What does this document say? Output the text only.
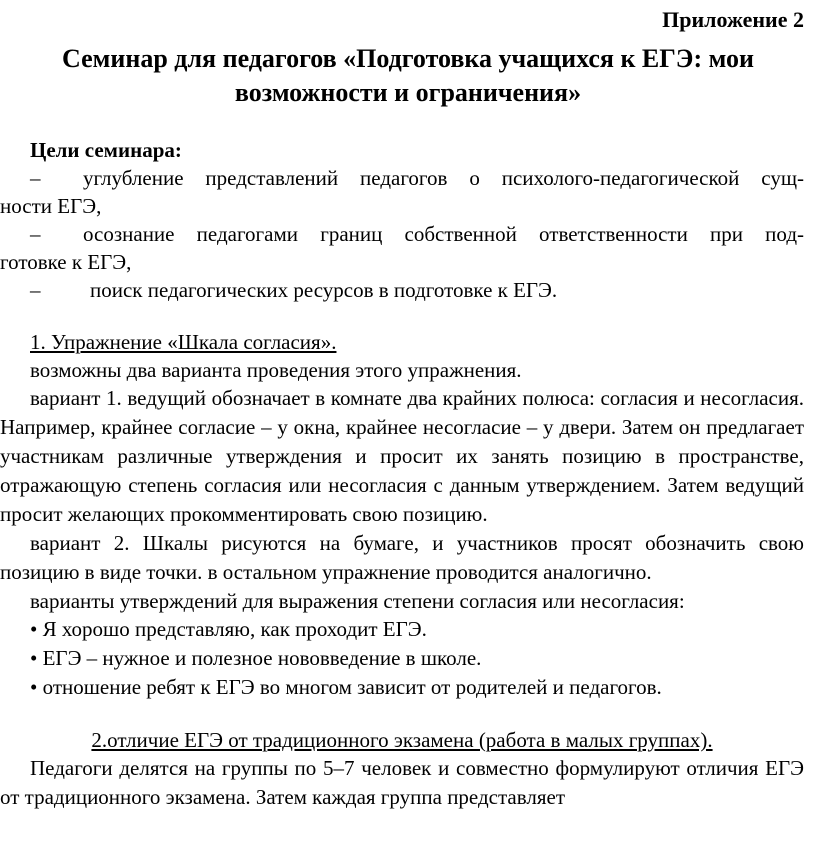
Приложение 2
Семинар для педагогов «Подготовка учащихся к ЕГЭ: мои
возможности и ограничения»

Цели семинара:

– углубление представлений педагогов о психолого-педагогической сущ-
ности ЕГЭ,
– осознание педагогами границ собственной ответственности при под-
готовке к ЕГЭ,
– поиск педагогических ресурсов в подготовке к ЕГЭ.

1. Упражнение «Шкала согласия».

возможны два варианта проведения этого упражнения.

вариант 1. ведущий обозначает в комнате два крайних полюса: согласия и несогласия. Например, крайнее согласие – у окна, крайнее несогласие – у двери. Затем он предлагает участникам различные утверждения и просит их занять позицию в пространстве, отражающую степень согласия или несогласия с данным утверждением. Затем ведущий просит желающих прокомментировать свою позицию.

вариант 2. Шкалы рисуются на бумаге, и участников просят обозначить свою позицию в виде точки. в остальном упражнение проводится аналогично.

варианты утверждений для выражения степени согласия или несогласия:

• Я хорошо представляю, как проходит ЕГЭ.

• ЕГЭ – нужное и полезное нововведение в школе.

• отношение ребят к ЕГЭ во многом зависит от родителей и педагогов.

2.отличие ЕГЭ от традиционного экзамена (работа в малых группах).

Педагоги делятся на группы по 5–7 человек и совместно формулируют отличия ЕГЭ от традиционного экзамена. Затем каждая группа представляет
